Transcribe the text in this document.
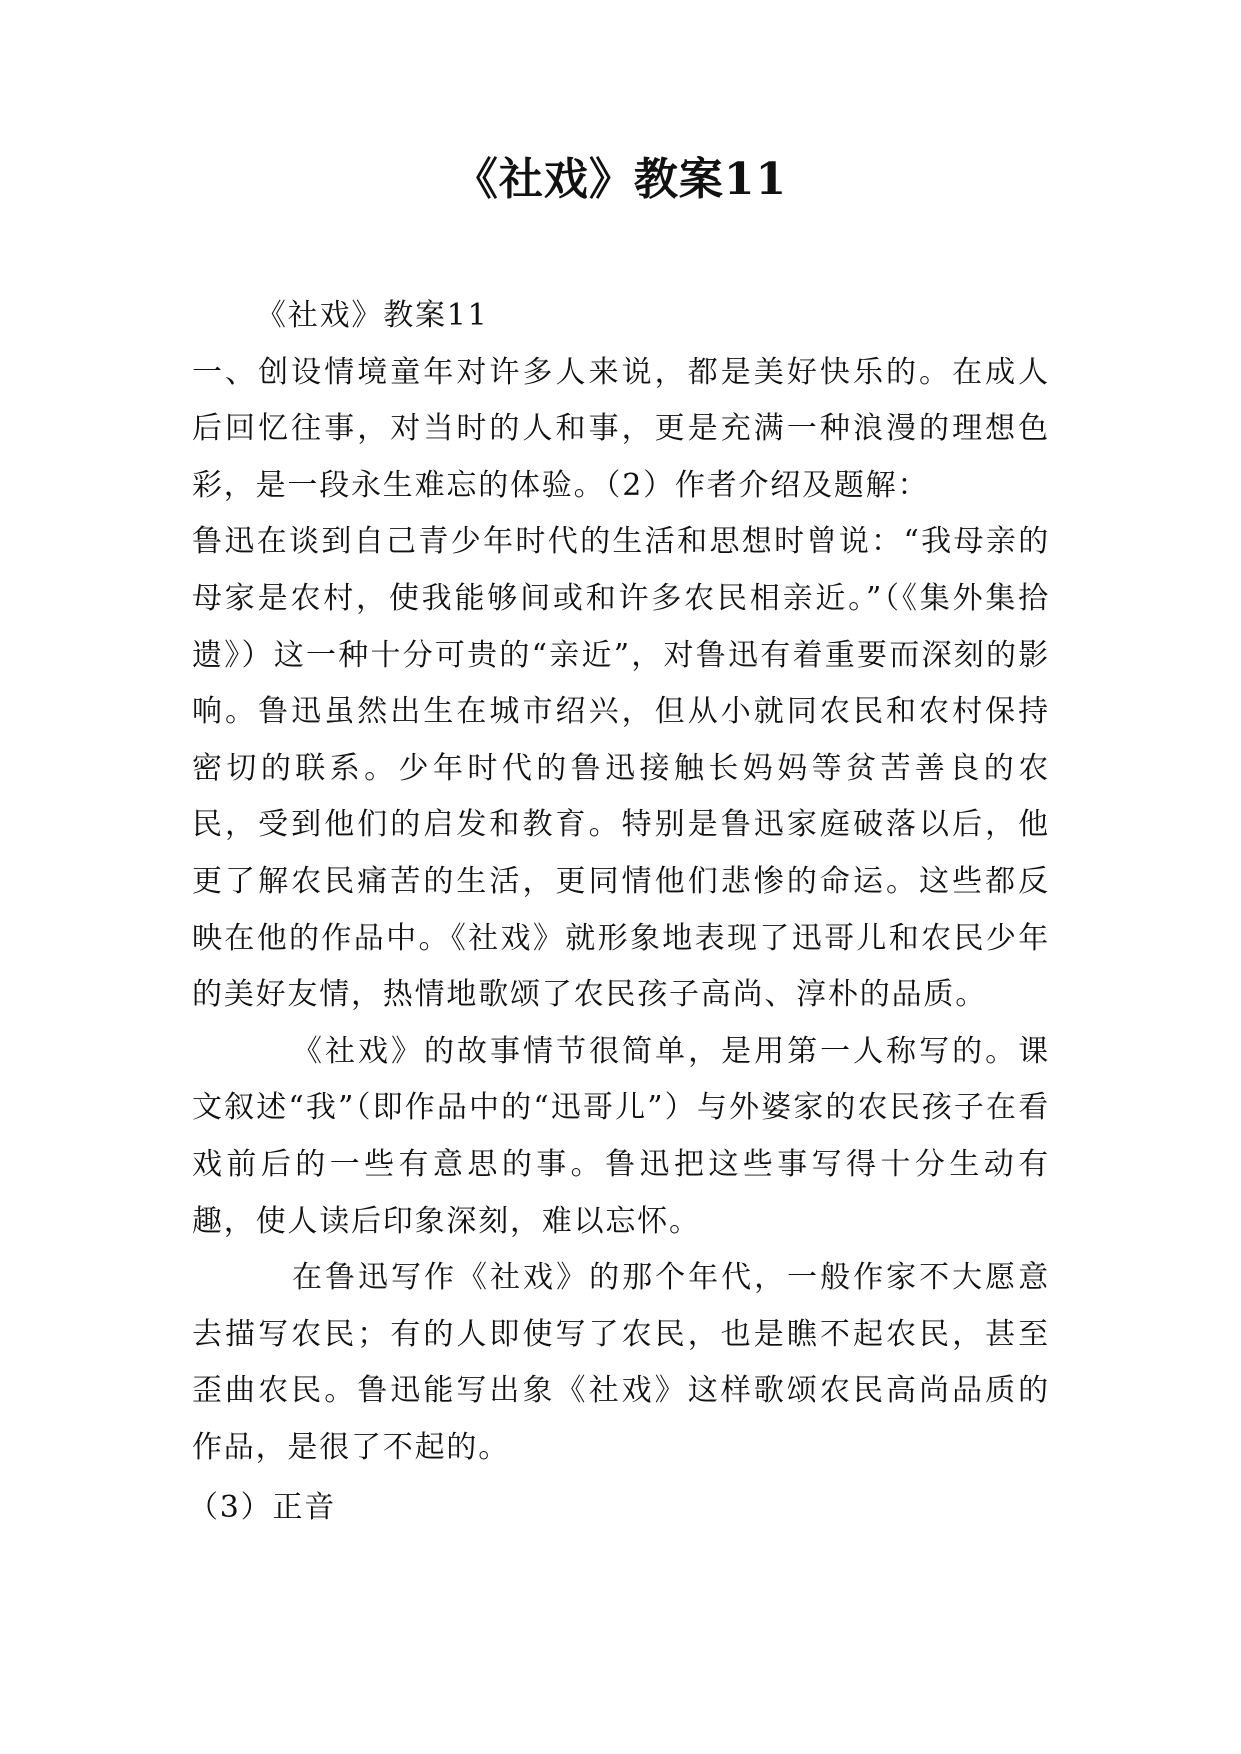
《社戏》教案11

《社戏》教案11

一、创设情境童年对许多人来说，都是美好快乐的。在成人后回忆往事，对当时的人和事，更是充满一种浪漫的理想色彩，是一段永生难忘的体验。（2）作者介绍及题解：

鲁迅在谈到自己青少年时代的生活和思想时曾说：“我母亲的母家是农村，使我能够间或和许多农民相亲近。”（《集外集拾遗》）这一种十分可贵的“亲近”，对鲁迅有着重要而深刻的影响。鲁迅虽然出生在城市绍兴，但从小就同农民和农村保持密切的联系。少年时代的鲁迅接触长妈妈等贫苦善良的农民，受到他们的启发和教育。特别是鲁迅家庭破落以后，他更了解农民痛苦的生活，更同情他们悲惨的命运。这些都反映在他的作品中。《社戏》就形象地表现了迅哥儿和农民少年的美好友情，热情地歌颂了农民孩子高尚、淳朴的品质。

《社戏》的故事情节很简单，是用第一人称写的。课文叙述“我”（即作品中的“迅哥儿”）与外婆家的农民孩子在看戏前后的一些有意思的事。鲁迅把这些事写得十分生动有趣，使人读后印象深刻，难以忘怀。

在鲁迅写作《社戏》的那个年代，一般作家不大愿意去描写农民；有的人即使写了农民，也是瞧不起农民，甚至歪曲农民。鲁迅能写出象《社戏》这样歌颂农民高尚品质的作品，是很了不起的。

（3）正音
